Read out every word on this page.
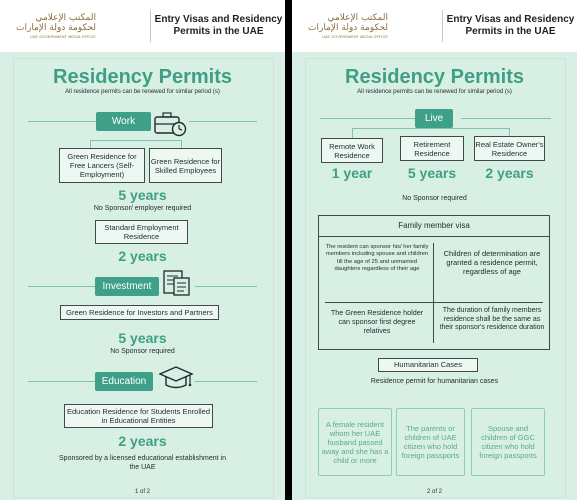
المكتب الإعلامي
لحكومة دولة الإمارات
UAE GOVERNMENT MEDIA OFFICE
Entry Visas and Residency
Permits in the UAE
Residency Permits
All residence permits can be renewed for similar period (s)
Work
Green Residence for Free Lancers (Self-Employment)
Green Residence for Skilled Employees
5 years
No Sponsor/ employer required
Standard Employment Residence
2 years
Investment
Green Residence for Investors and Partners
5 years
No Sponsor required
Education
Education Residence for Students Enrolled in Educational Entities
2 years
Sponsored by a licensed educational establishment in the UAE
1 of 2
المكتب الإعلامي
لحكومة دولة الإمارات
UAE GOVERNMENT MEDIA OFFICE
Entry Visas and Residency
Permits in the UAE
Residency Permits
All residence permits can be renewed for similar period (s)
Live
Remote Work Residence
Retirement Residence
Real Estate Owner's Residence
1 year	5 years	2 years
No Sponsor required
Family member visa
The resident can sponsor his/ her family members including spouse and children till the age of 25 and unmarried daughters regardless of their age
Children of determination are granted a residence permit, regardless of age
The Green Residence holder can sponsor first degree relatives
The duration of family members residence shall be the same as their sponsor's residence duration
Humanitarian Cases
Residence permit for humanitarian cases
A female resident whom her UAE husband passed away and she has a child or more
The parents or children of UAE citizen who hold foreign passports
Spouse and children of GGC citizen who hold foreign passports
2 of 2
